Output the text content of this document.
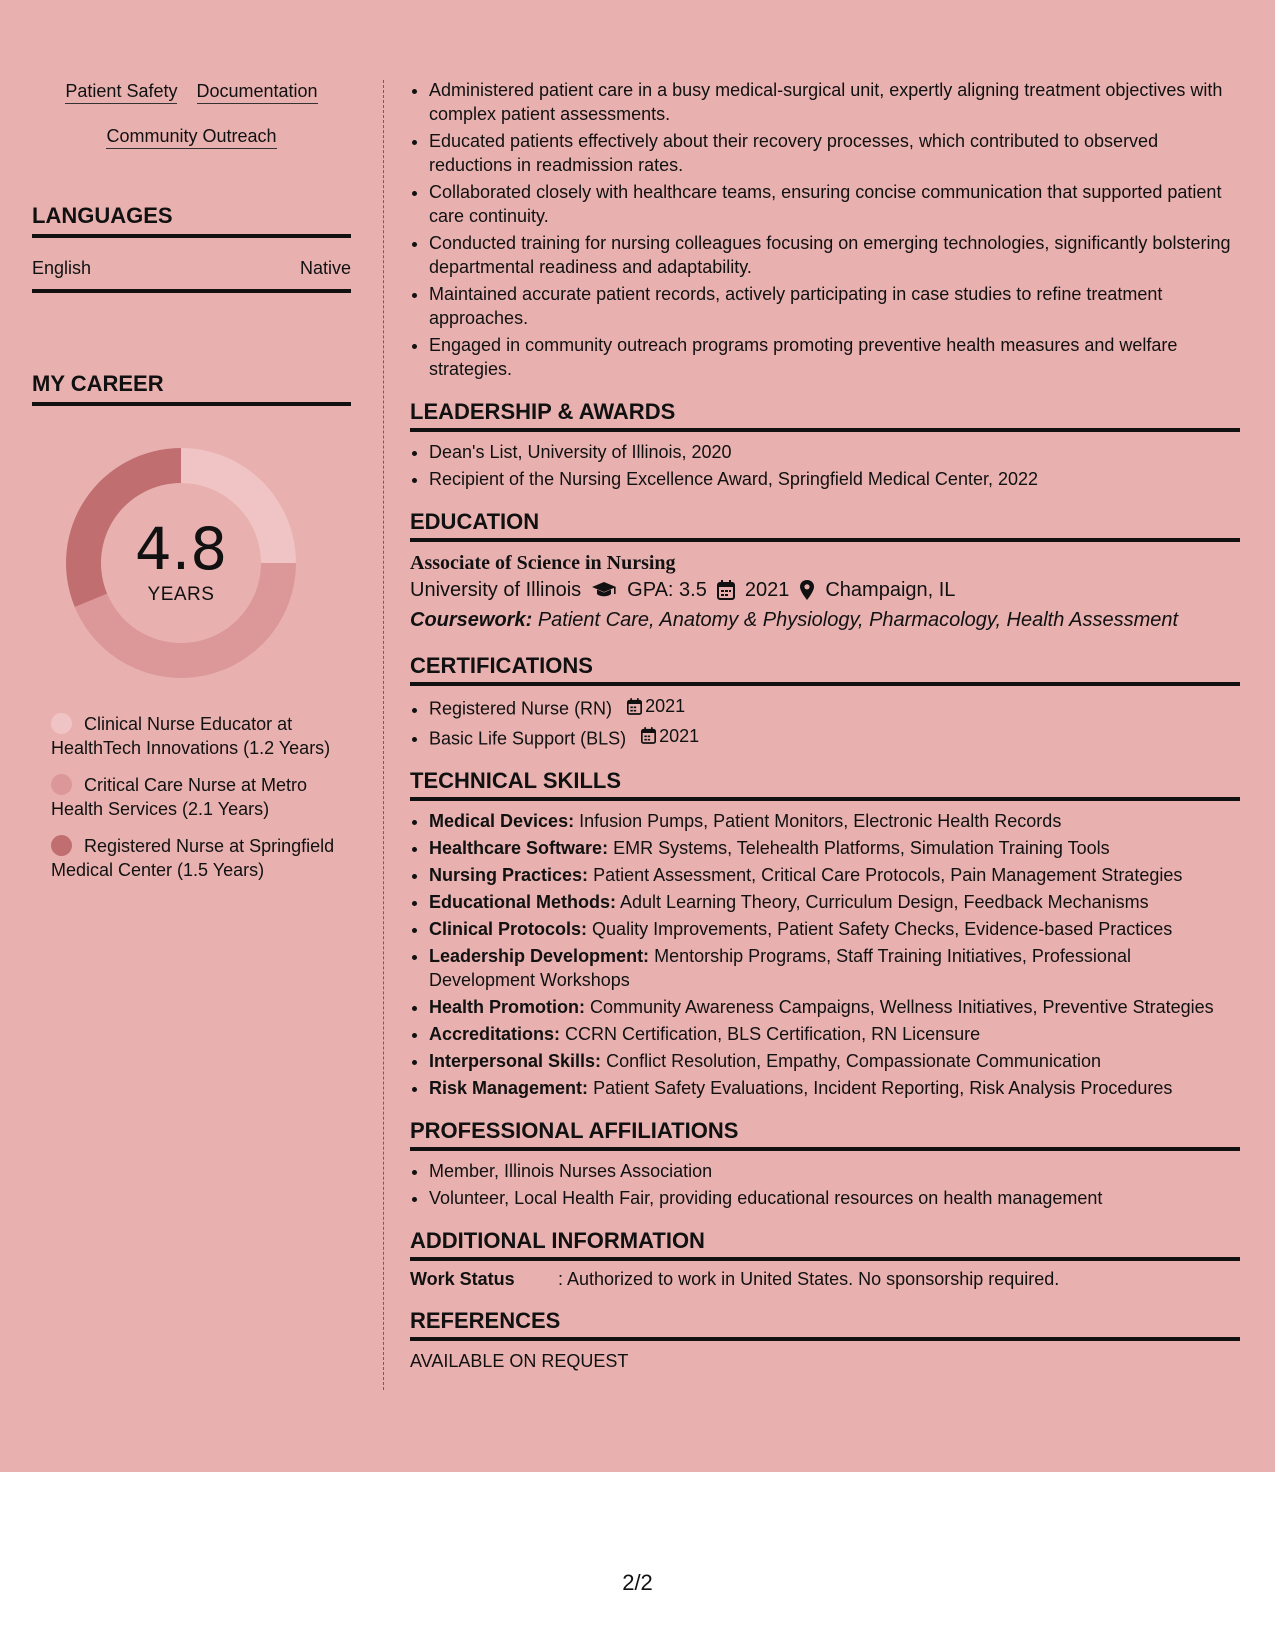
Patient Safety Documentation
Community Outreach
LANGUAGES
English	Native
MY CAREER
4.8
YEARS
Clinical Nurse Educator at HealthTech Innovations (1.2 Years)
Critical Care Nurse at Metro Health Services (2.1 Years)
Registered Nurse at Springfield Medical Center (1.5 Years)
• Administered patient care in a busy medical-surgical unit, expertly aligning treatment objectives with complex patient assessments.
• Educated patients effectively about their recovery processes, which contributed to observed reductions in readmission rates.
• Collaborated closely with healthcare teams, ensuring concise communication that supported patient care continuity.
• Conducted training for nursing colleagues focusing on emerging technologies, significantly bolstering departmental readiness and adaptability.
• Maintained accurate patient records, actively participating in case studies to refine treatment approaches.
• Engaged in community outreach programs promoting preventive health measures and welfare strategies.
LEADERSHIP & AWARDS
• Dean's List, University of Illinois, 2020
• Recipient of the Nursing Excellence Award, Springfield Medical Center, 2022
EDUCATION
Associate of Science in Nursing
University of Illinois GPA: 3.5 2021 Champaign, IL
Coursework: Patient Care, Anatomy & Physiology, Pharmacology, Health Assessment
CERTIFICATIONS
• Registered Nurse (RN) 2021
• Basic Life Support (BLS) 2021
TECHNICAL SKILLS
• Medical Devices: Infusion Pumps, Patient Monitors, Electronic Health Records
• Healthcare Software: EMR Systems, Telehealth Platforms, Simulation Training Tools
• Nursing Practices: Patient Assessment, Critical Care Protocols, Pain Management Strategies
• Educational Methods: Adult Learning Theory, Curriculum Design, Feedback Mechanisms
• Clinical Protocols: Quality Improvements, Patient Safety Checks, Evidence-based Practices
• Leadership Development: Mentorship Programs, Staff Training Initiatives, Professional Development Workshops
• Health Promotion: Community Awareness Campaigns, Wellness Initiatives, Preventive Strategies
• Accreditations: CCRN Certification, BLS Certification, RN Licensure
• Interpersonal Skills: Conflict Resolution, Empathy, Compassionate Communication
• Risk Management: Patient Safety Evaluations, Incident Reporting, Risk Analysis Procedures
PROFESSIONAL AFFILIATIONS
• Member, Illinois Nurses Association
• Volunteer, Local Health Fair, providing educational resources on health management
ADDITIONAL INFORMATION
Work Status	: Authorized to work in United States. No sponsorship required.
REFERENCES
AVAILABLE ON REQUEST
2/2
